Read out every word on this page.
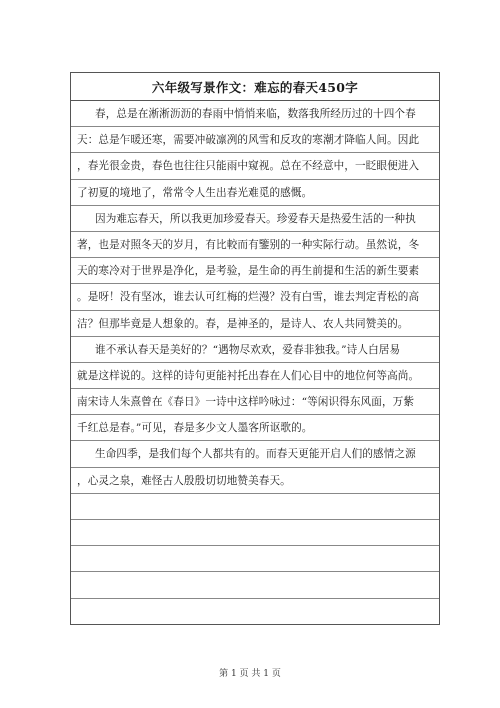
六年级写景作文：难忘的春天450字
春，总是在淅淅沥沥的春雨中悄悄来临，数落我所经历过的十四个春
天：总是乍暖还寒，需要冲破凛冽的风雪和反攻的寒潮才降临人间。因此
，春光很金贵，春色也往往只能雨中窥视。总在不经意中，一眨眼便进入
了初夏的境地了，常常令人生出春光难觅的感慨。
因为难忘春天，所以我更加珍爱春天。珍爱春天是热爱生活的一种执
著，也是对照冬天的岁月，有比較而有鑒别的一种实际行动。虽然说，冬
天的寒冷对于世界是净化，是考验，是生命的再生前提和生活的新生要素
。是呀！没有坚冰，谁去认可红梅的烂漫？没有白雪，谁去判定青松的高
洁？但那毕竟是人想象的。春，是神圣的，是诗人、农人共同赞美的。
谁不承认春天是美好的？“遇物尽欢欢，爱春非独我。”诗人白居易
就是这样说的。这样的诗句更能衬托出春在人们心目中的地位何等高尚。
南宋诗人朱熹曾在《春日》一诗中这样吟咏过：“等闲识得东风面，万紫
千红总是春。”可见，春是多少文人墨客所讴歌的。
生命四季，是我们每个人都共有的。而春天更能开启人们的感情之源
，心灵之泉，难怪古人殷殷切切地赞美春天。
第 1 页 共 1 页
